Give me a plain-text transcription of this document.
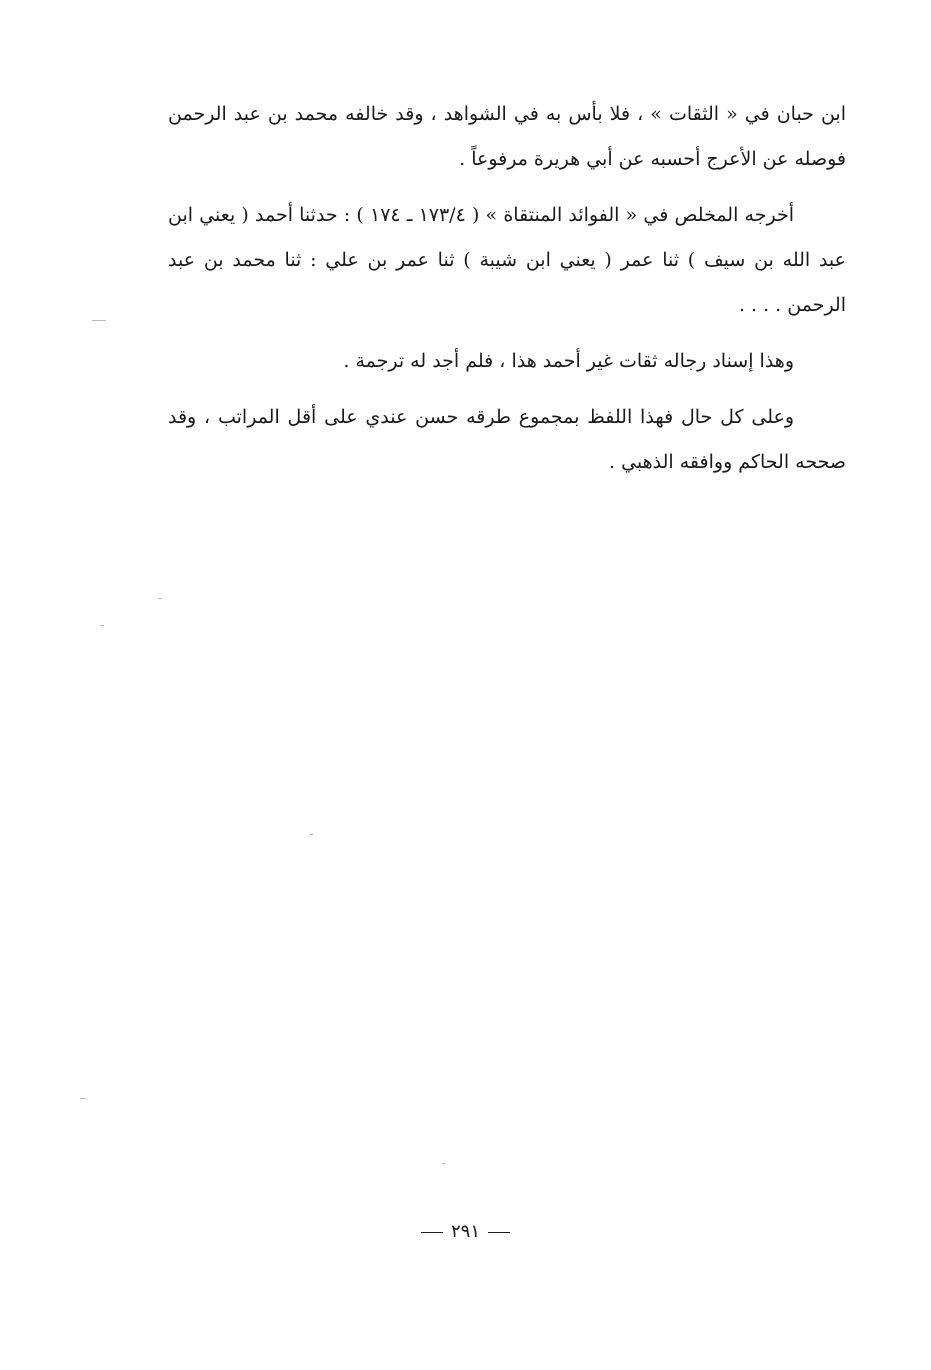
ابن حبان في « الثقات » ، فلا بأس به في الشواهد ، وقد خالفه محمد بن عبد الرحمن فوصله عن الأعرج أحسبه عن أبي هريرة مرفوعاً .

أخرجه المخلص في « الفوائد المنتقاة » ( ١٧٣/٤ ـ ١٧٤ ) : حدثنا أحمد ( يعني ابن عبد الله بن سيف ) ثنا عمر ( يعني ابن شيبة ) ثنا عمر بن علي : ثنا محمد بن عبد الرحمن . . . .

وهذا إسناد رجاله ثقات غير أحمد هذا ، فلم أجد له ترجمة .

وعلى كل حال فهذا اللفظ بمجموع طرقه حسن عندي على أقل المراتب ، وقد صححه الحاكم ووافقه الذهبي .

٢٩١
